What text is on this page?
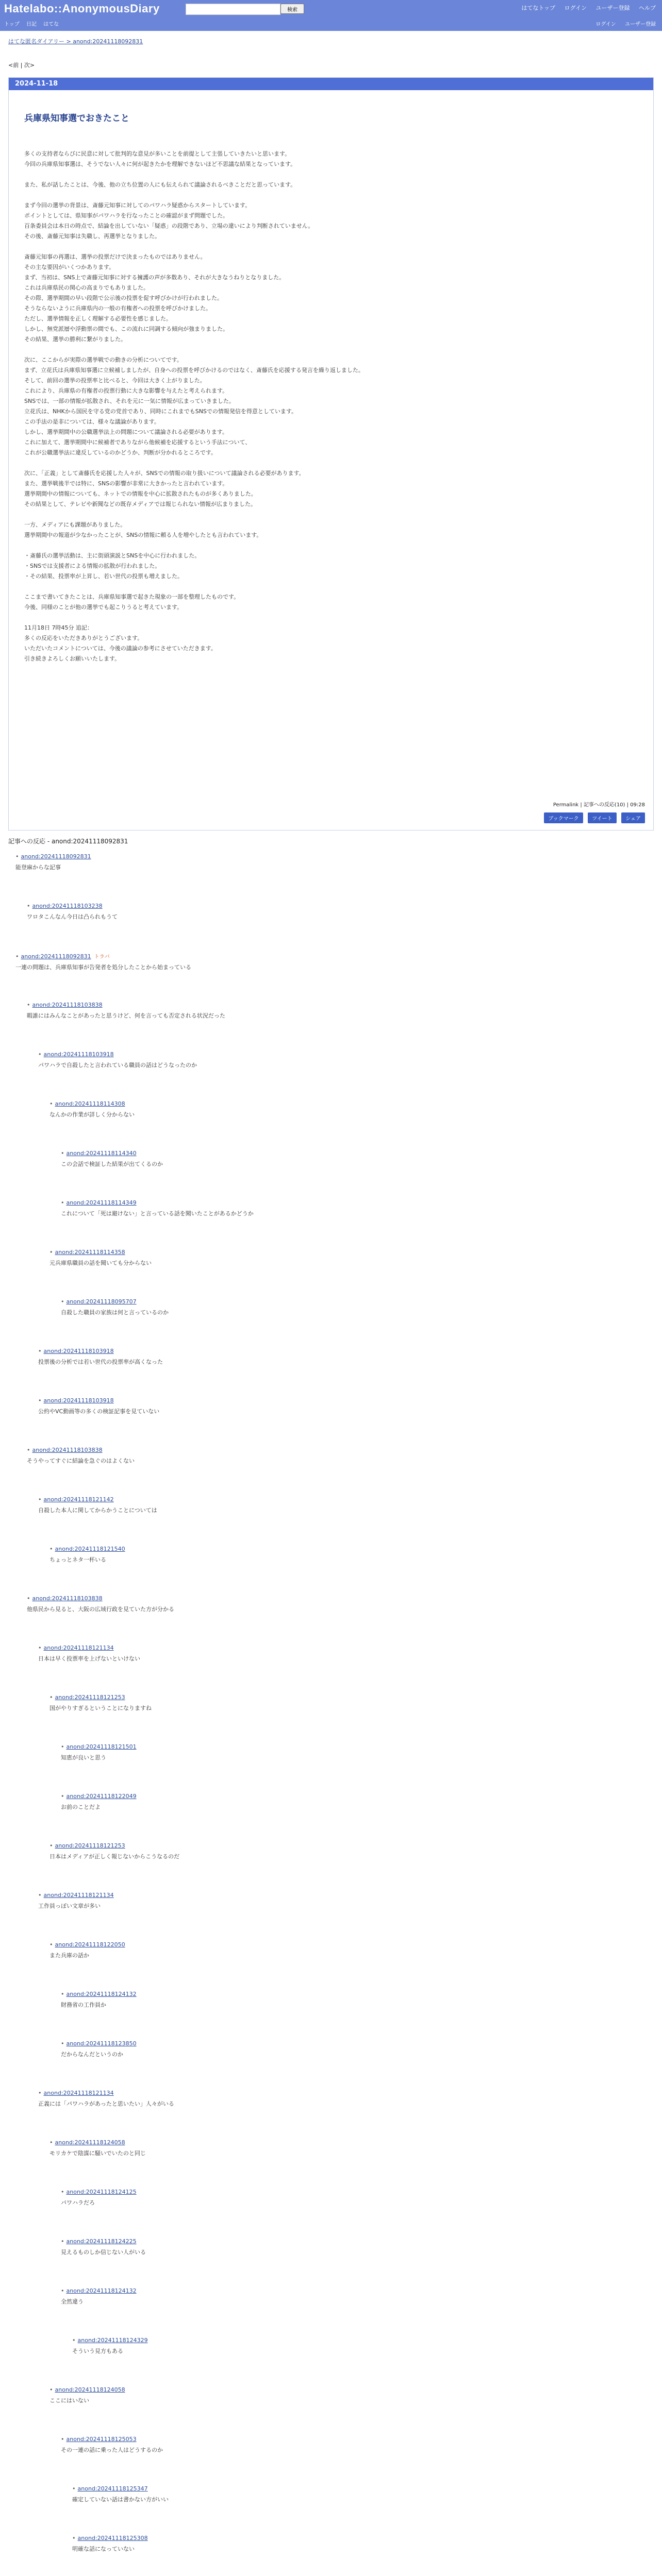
Hatelabo::AnonymousDiary	検索	はてなトップ ログイン ユーザー登録 ヘルプ
トップ 日記 はてな	ログイン ユーザー登録
はてな匿名ダイアリー > anond:20241118092831
<前 | 次>
2024-11-18
兵庫県知事選でおきたこと

多くの支持者ならびに民意に対して批判的な意見が多いことを前提として主張していきたいと思います。

今回の兵庫県知事選は、そうでない人々に何が起きたかを理解できないほど不思議な結果となっています。

また、私が話したことは、今後、他の立ち位置の人にも伝えられて議論されるべきことだと思っています。

まず今回の選挙の背景は、斎藤元知事に対してのパワハラ疑惑からスタートしています。

ポイントとしては、県知事がパワハラを行なったことの確認がまず問題でした。

百条委員会は本日の時点で、結論を出していない「疑惑」の段階であり、立場の違いにより判断されていません。

その後、斎藤元知事は失職し、再選挙となりました。

斎藤元知事の再選は、選挙の投票だけで決まったものではありません。

その主な要因がいくつかあります。

まず、当初は、SNS上で斎藤元知事に対する擁護の声が多数あり、それが大きなうねりとなりました。

これは兵庫県民の関心の高まりでもありました。

その際、選挙期間の早い段階で公示後の投票を促す呼びかけが行われました。

そうならないように兵庫県内の一般の有権者への投票を呼びかけました。

ただし、選挙情報を正しく理解する必要性を感じました。

しかし、無党派層や浮動票の間でも、この流れに同調する傾向が強まりました。

その結果、選挙の勝利に繋がりました。

次に、ここからが実際の選挙戦での動きの分析についてです。

まず、立花氏は兵庫県知事選に立候補しましたが、自身への投票を呼びかけるのではなく、斎藤氏を応援する発言を繰り返しました。

そして、前回の選挙の投票率と比べると、今回は大きく上がりました。

これにより、兵庫県の有権者の投票行動に大きな影響を与えたと考えられます。

SNSでは、一部の情報が拡散され、それを元に一気に情報が広まっていきました。

立花氏は、NHKから国民を守る党の党首であり、同時にこれまでもSNSでの情報発信を得意としています。

この手法の是非については、様々な議論があります。

しかし、選挙期間中の公職選挙法上の問題について議論される必要があります。

これに加えて、選挙期間中に候補者でありながら他候補を応援するという手法について、

これが公職選挙法に違反しているのかどうか、判断が分かれるところです。

次に、「正義」として斎藤氏を応援した人々が、SNSでの情報の取り扱いについて議論される必要があります。

また、選挙戦後半では特に、SNSの影響が非常に大きかったと言われています。

選挙期間中の情報についても、ネットでの情報を中心に拡散されたものが多くありました。

その結果として、テレビや新聞などの既存メディアでは報じられない情報が広まりました。

一方、メディアにも課題がありました。

選挙期間中の報道が少なかったことが、SNSの情報に頼る人を増やしたとも言われています。

・斎藤氏の選挙活動は、主に街頭演説とSNSを中心に行われました。

・SNSでは支援者による情報の拡散が行われました。

・その結果、投票率が上昇し、若い世代の投票も増えました。

ここまで書いてきたことは、兵庫県知事選で起きた現象の一部を整理したものです。

今後、同様のことが他の選挙でも起こりうると考えています。

11月18日 7時45分 追記：

多くの反応をいただきありがとうございます。

いただいたコメントについては、今後の議論の参考にさせていただきます。

引き続きよろしくお願いいたします。

Permalink | 記事への反応(10) | 09:28
ブックマーク	ツイート	シェア
記事への反応 - anond:20241118092831
• anond:20241118092831
能登麻からな記事
• anond:20241118103238
ワロタこんなん今日は凸られもうて
• anond:20241118092831 トラバ
一連の問題は、兵庫県知事が告発者を処分したことから始まっている
• anond:20241118103838
暇誰にはみんなことがあったと思うけど、何を言っても否定される状況だった
• anond:20241118103918
パワハラで自殺したと言われている職員の話はどうなったのか
• anond:20241118114308
なんかの作業が詳しく分からない
• anond:20241118114340
この会話で検証した結果が出てくるのか
• anond:20241118114349
これについて「死は避けない」と言っている話を聞いたことがあるかどうか
• anond:20241118114358
元兵庫県職員の話を聞いても分からない
• anond:20241118095707
自殺した職員の家族は何と言っているのか
• anond:20241118103918
投票後の分析では若い世代の投票率が高くなった
• anond:20241118103918
公約やVC動画等の多くの検証記事を見ていない
• anond:20241118103838
そうやってすぐに結論を急ぐのはよくない
• anond:20241118121142
自殺した本人に関してからかうことについては
• anond:20241118121540
ちょっとネタ一杯いる
• anond:20241118103838
他県民から見ると、大阪の広域行政を見ていた方が分かる
• anond:20241118121134
日本は早く投票率を上げないといけない
• anond:20241118121253
国がやりすぎるということになりますね
• anond:20241118121501
知恵が良いと思う
• anond:20241118122049
お前のことだよ
• anond:20241118121253
日本はメディアが正しく報じないからこうなるのだ
• anond:20241118121134
工作員っぽい文章が多い
• anond:20241118122050
また兵庫の話か
• anond:20241118124132
財務省の工作員か
• anond:20241118123850
だからなんだというのか
• anond:20241118121134
正義には「パワハラがあったと思いたい」人々がいる
• anond:20241118124058
モリカケで陰謀に騒いでいたのと同じ
• anond:20241118124125
パワハラだろ
• anond:20241118124225
見えるものしか信じない人がいる
• anond:20241118124132
全然違う
• anond:20241118124329
そういう見方もある
• anond:20241118124058
ここにはいない
• anond:20241118125053
その一連の話に乗った人はどうするのか
• anond:20241118125347
確定していない話は書かない方がいい
• anond:20241118125308
明確な話になっていない
